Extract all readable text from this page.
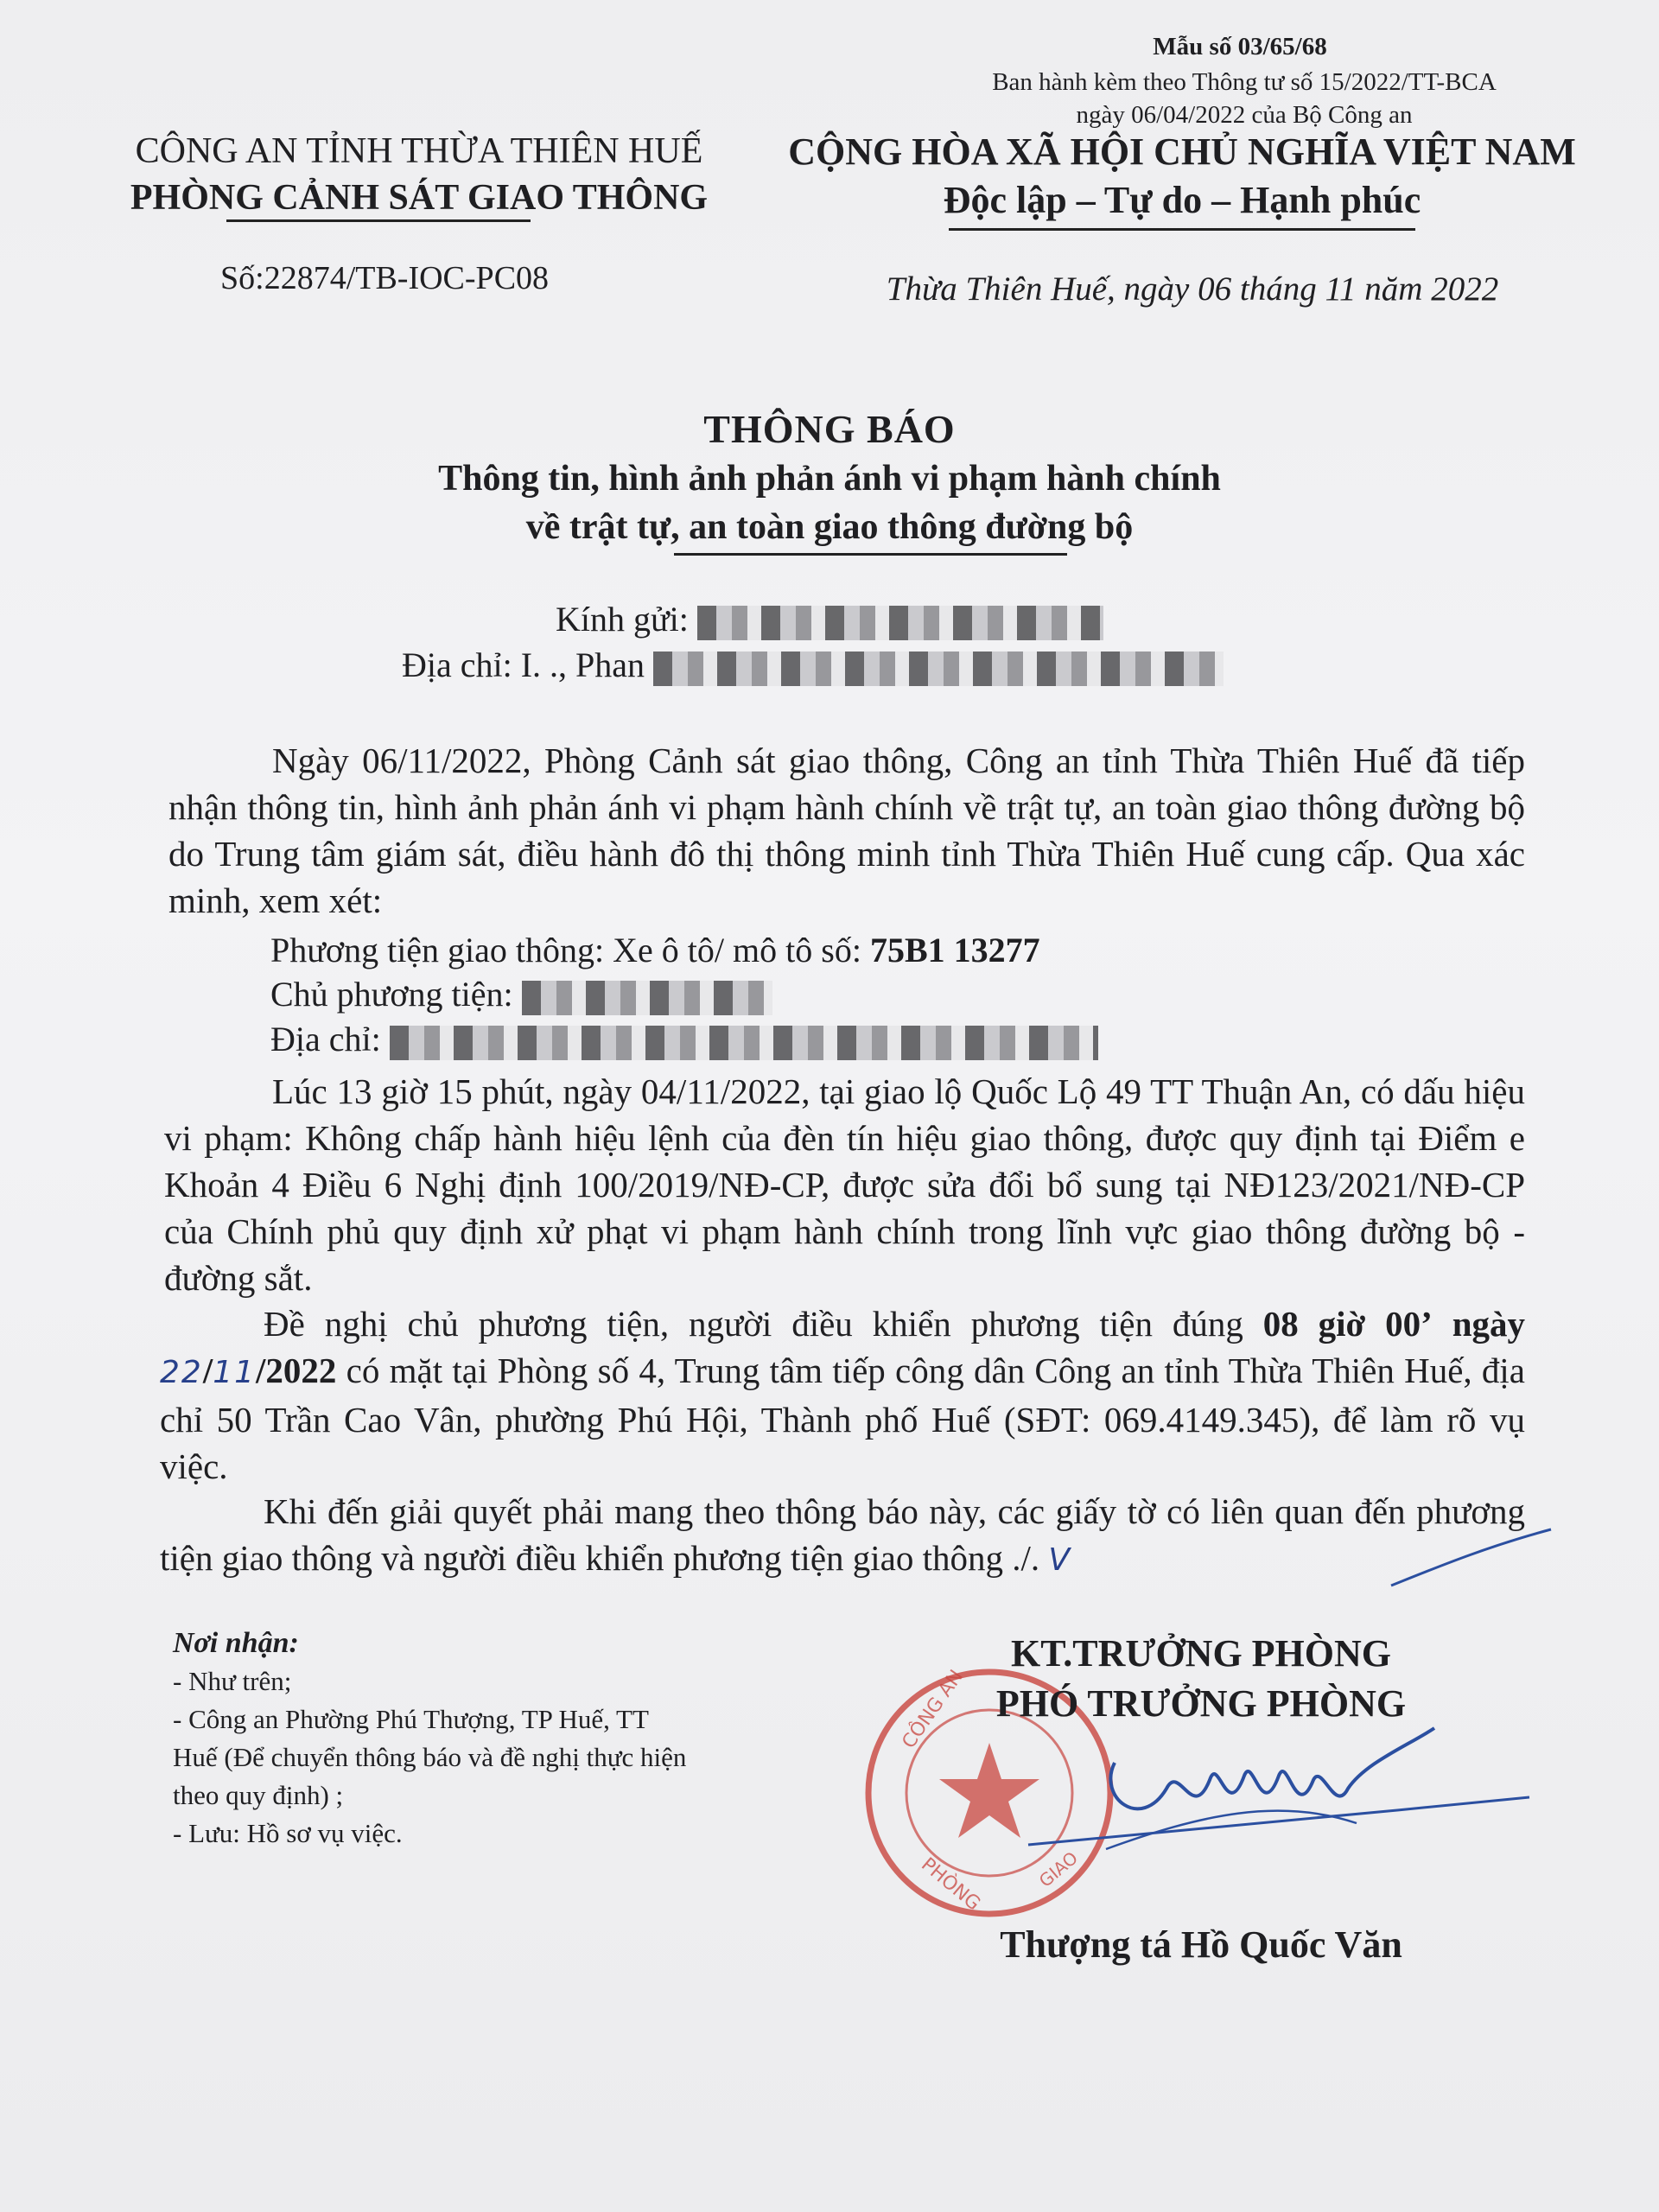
Mẫu số 03/65/68
Ban hành kèm theo Thông tư số 15/2022/TT-BCA
ngày 06/04/2022 của Bộ Công an
CÔNG AN TỈNH THỪA THIÊN HUẾ
PHÒNG CẢNH SÁT GIAO THÔNG
CỘNG HÒA XÃ HỘI CHỦ NGHĨA VIỆT NAM
Độc lập – Tự do – Hạnh phúc
Số:22874/TB-IOC-PC08	Thừa Thiên Huế, ngày 06 tháng 11 năm 2022
THÔNG BÁO
Thông tin, hình ảnh phản ánh vi phạm hành chính
về trật tự, an toàn giao thông đường bộ
Kính gửi:
Địa chỉ: I. ., Phan
Ngày 06/11/2022, Phòng Cảnh sát giao thông, Công an tỉnh Thừa Thiên Huế đã tiếp nhận thông tin, hình ảnh phản ánh vi phạm hành chính về trật tự, an toàn giao thông đường bộ do Trung tâm giám sát, điều hành đô thị thông minh tỉnh Thừa Thiên Huế cung cấp. Qua xác minh, xem xét:
Phương tiện giao thông: Xe ô tô/ mô tô số: 75B1 13277
Chủ phương tiện:
Địa chỉ:
Lúc 13 giờ 15 phút, ngày 04/11/2022, tại giao lộ Quốc Lộ 49 TT Thuận An, có dấu hiệu vi phạm: Không chấp hành hiệu lệnh của đèn tín hiệu giao thông, được quy định tại Điểm e Khoản 4 Điều 6 Nghị định 100/2019/NĐ-CP, được sửa đổi bổ sung tại NĐ123/2021/NĐ-CP của Chính phủ quy định xử phạt vi phạm hành chính trong lĩnh vực giao thông đường bộ - đường sắt.
Đề nghị chủ phương tiện, người điều khiển phương tiện đúng 08 giờ 00’ ngày 22/11/2022 có mặt tại Phòng số 4, Trung tâm tiếp công dân Công an tỉnh Thừa Thiên Huế, địa chỉ 50 Trần Cao Vân, phường Phú Hội, Thành phố Huế (SĐT: 069.4149.345), để làm rõ vụ việc.
Khi đến giải quyết phải mang theo thông báo này, các giấy tờ có liên quan đến phương tiện giao thông và người điều khiển phương tiện giao thông ./. V
Nơi nhận:
- Như trên;
- Công an Phường Phú Thượng, TP Huế, TT
Huế (Để chuyển thông báo và đề nghị thực hiện
theo quy định) ;
- Lưu: Hồ sơ vụ việc.
CÔNG AN
PHÒNG	GIAO
KT.TRƯỞNG PHÒNG
PHÓ TRƯỞNG PHÒNG
Thượng tá Hồ Quốc Văn
